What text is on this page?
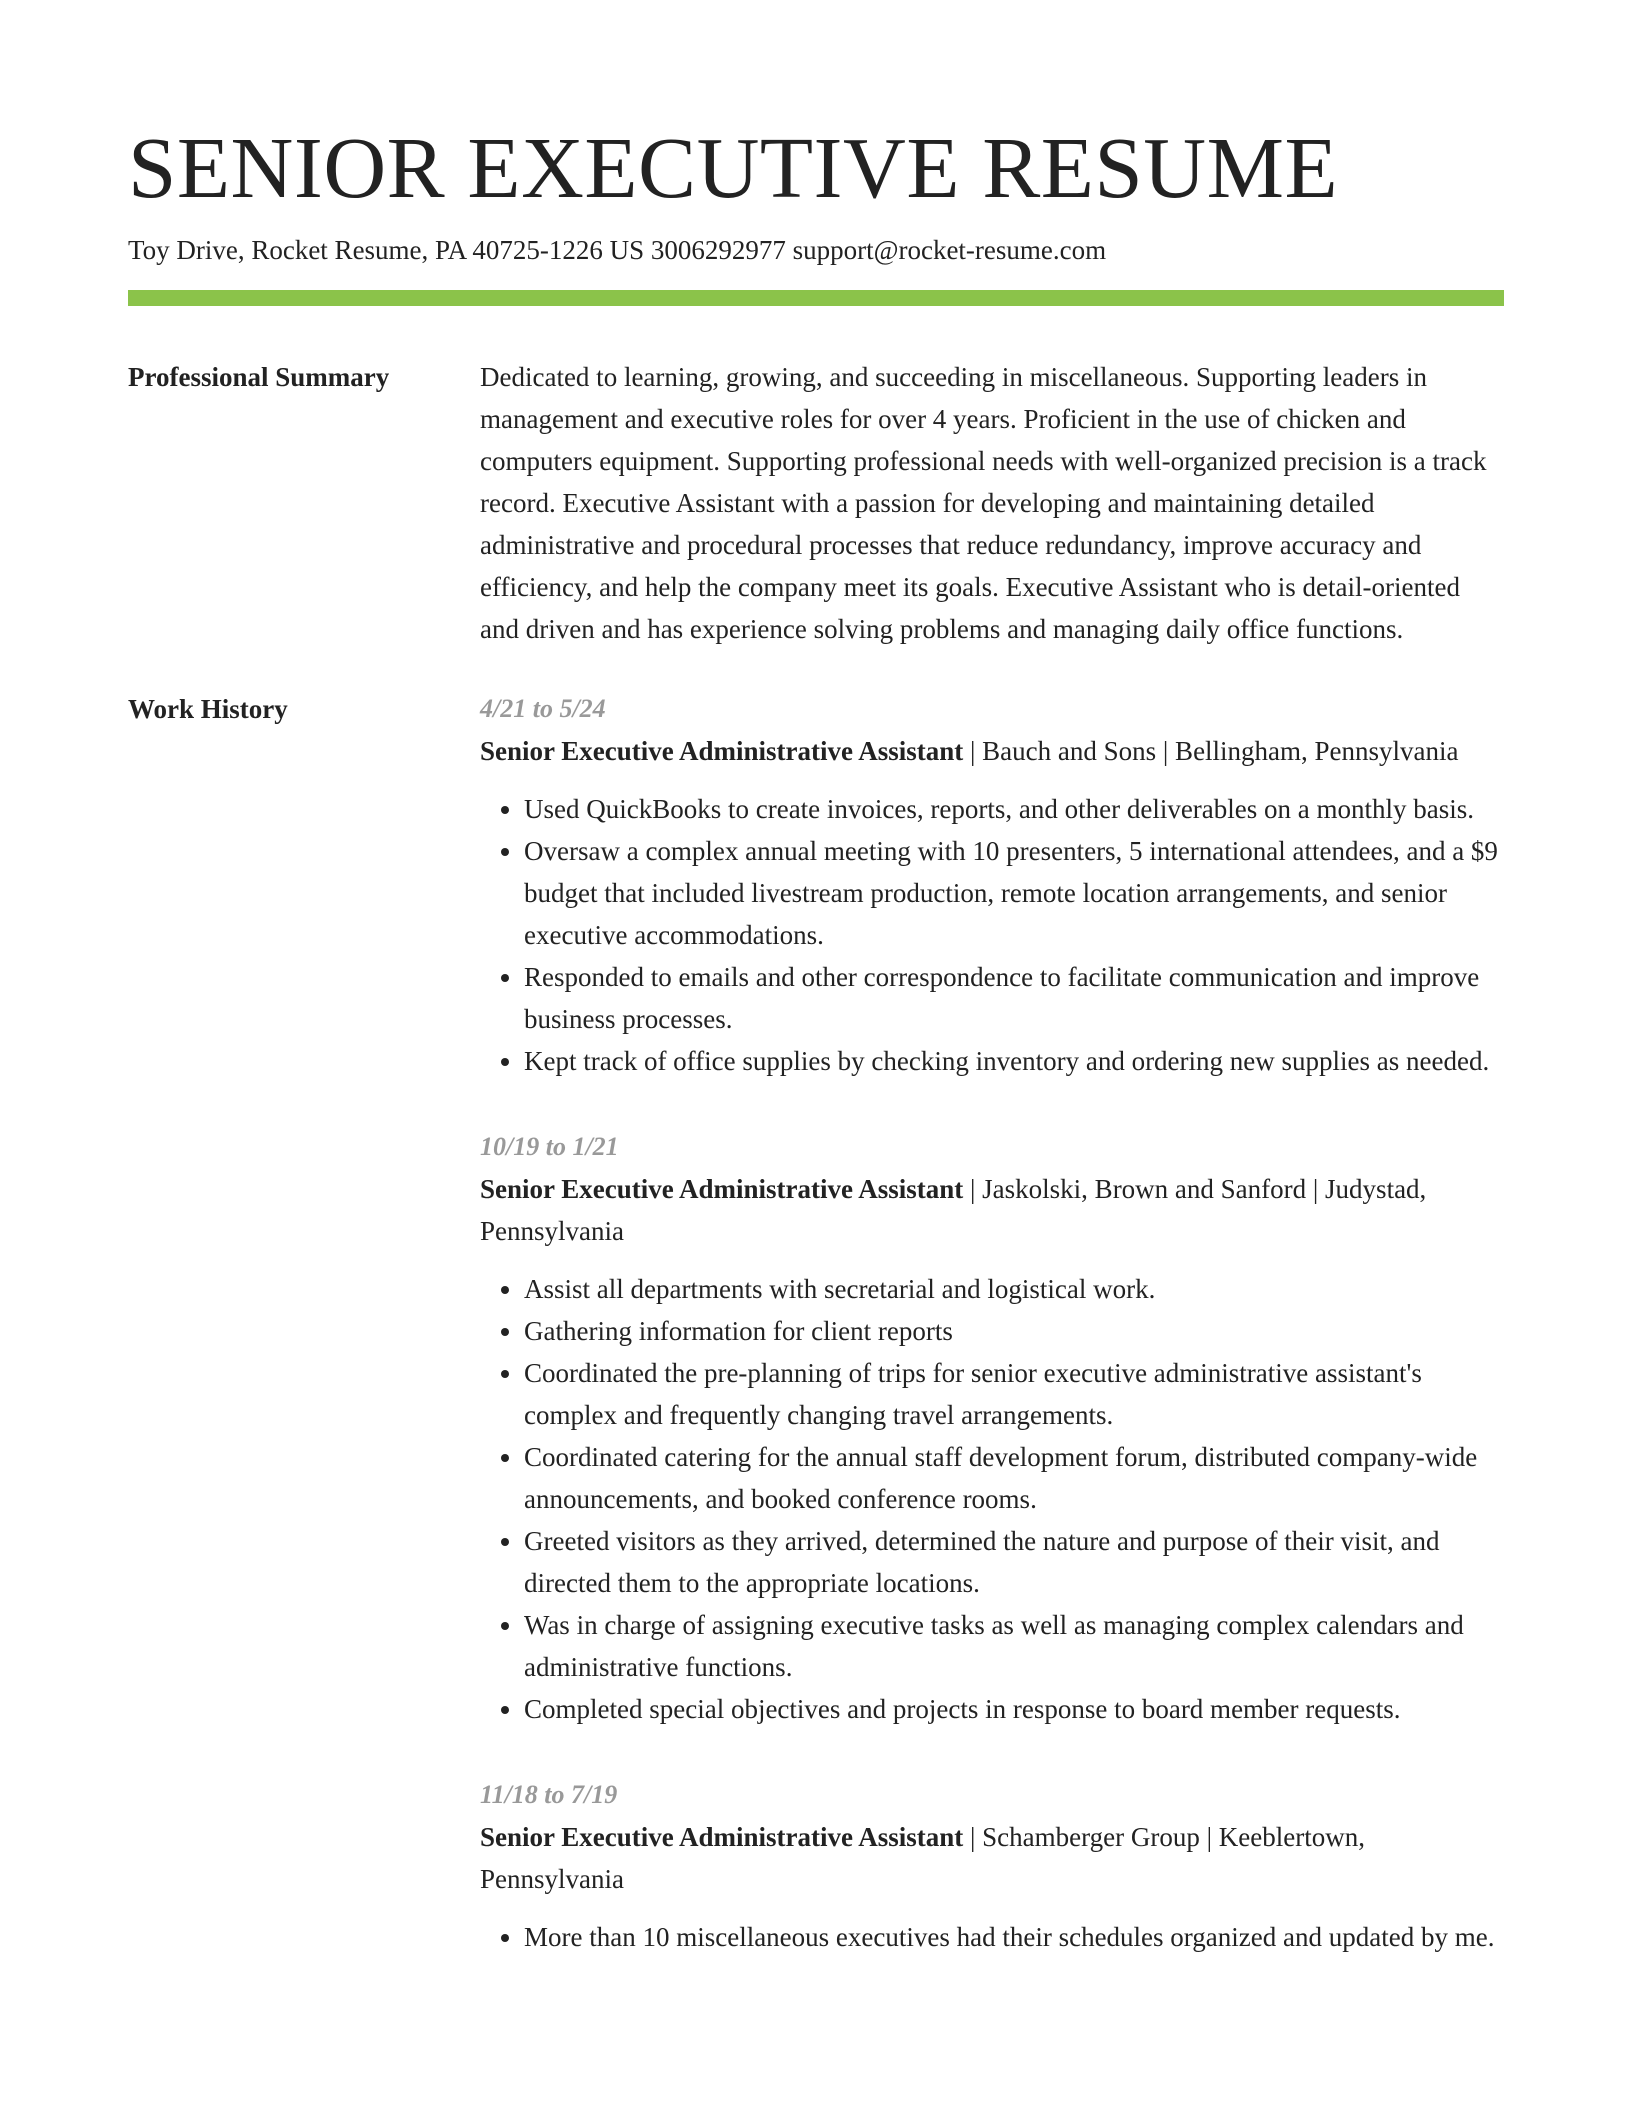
SENIOR EXECUTIVE RESUME
Toy Drive, Rocket Resume, PA 40725-1226 US 3006292977 support@rocket-resume.com
Professional Summary	Dedicated to learning, growing, and succeeding in miscellaneous. Supporting leaders in management and executive roles for over 4 years. Proficient in the use of chicken and computers equipment. Supporting professional needs with well-organized precision is a track record. Executive Assistant with a passion for developing and maintaining detailed administrative and procedural processes that reduce redundancy, improve accuracy and efficiency, and help the company meet its goals. Executive Assistant who is detail-oriented and driven and has experience solving problems and managing daily office functions.

Work History	4/21 to 5/24

Senior Executive Administrative Assistant | Bauch and Sons | Bellingham, Pennsylvania

• Used QuickBooks to create invoices, reports, and other deliverables on a monthly basis.
• Oversaw a complex annual meeting with 10 presenters, 5 international attendees, and a $9 budget that included livestream production, remote location arrangements, and senior executive accommodations.
• Responded to emails and other correspondence to facilitate communication and improve business processes.
• Kept track of office supplies by checking inventory and ordering new supplies as needed.
10/19 to 1/21

Senior Executive Administrative Assistant | Jaskolski, Brown and Sanford | Judystad, Pennsylvania

• Assist all departments with secretarial and logistical work.
• Gathering information for client reports
• Coordinated the pre-planning of trips for senior executive administrative assistant's complex and frequently changing travel arrangements.
• Coordinated catering for the annual staff development forum, distributed company-wide announcements, and booked conference rooms.
• Greeted visitors as they arrived, determined the nature and purpose of their visit, and directed them to the appropriate locations.
• Was in charge of assigning executive tasks as well as managing complex calendars and administrative functions.
• Completed special objectives and projects in response to board member requests.
11/18 to 7/19

Senior Executive Administrative Assistant | Schamberger Group | Keeblertown, Pennsylvania

• More than 10 miscellaneous executives had their schedules organized and updated by me.
